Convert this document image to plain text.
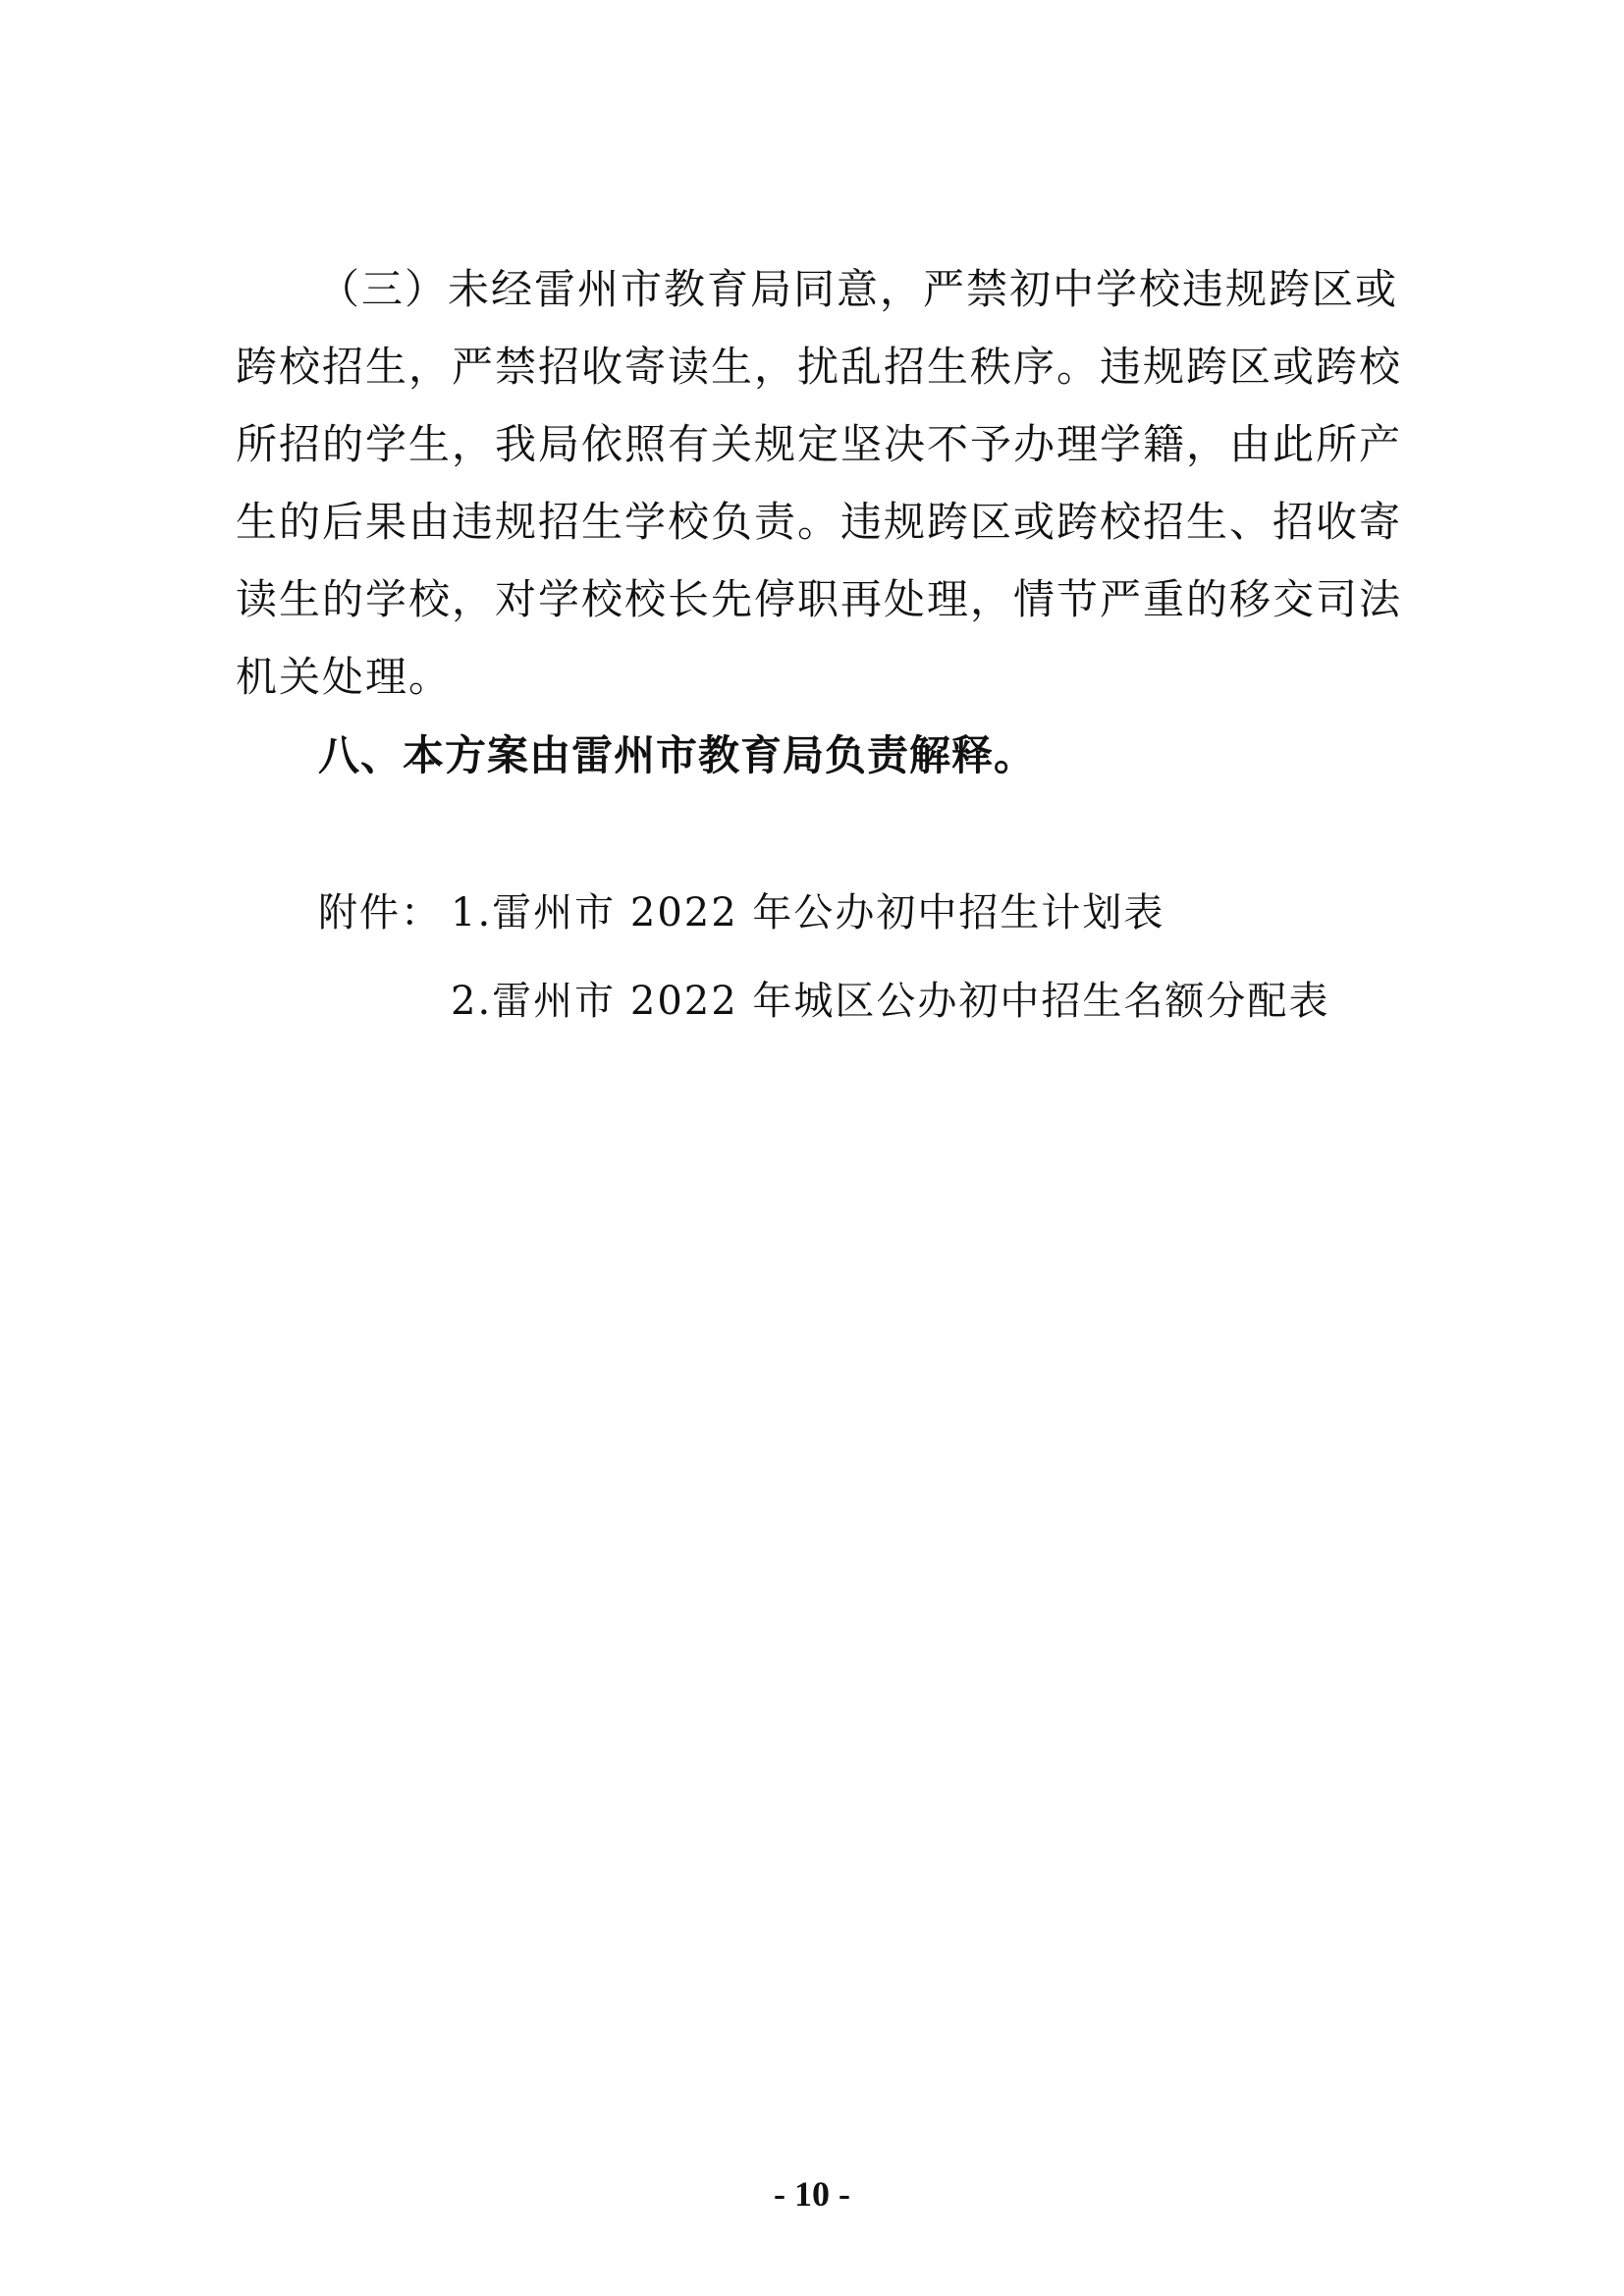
（三）未经雷州市教育局同意，严禁初中学校违规跨区或
跨校招生，严禁招收寄读生，扰乱招生秩序。违规跨区或跨校
所招的学生，我局依照有关规定坚决不予办理学籍，由此所产
生的后果由违规招生学校负责。违规跨区或跨校招生、招收寄
读生的学校，对学校校长先停职再处理，情节严重的移交司法
机关处理。
八、本方案由雷州市教育局负责解释。
附件： 1.雷州市 2022 年公办初中招生计划表
2.雷州市 2022 年城区公办初中招生名额分配表
- 10 -
